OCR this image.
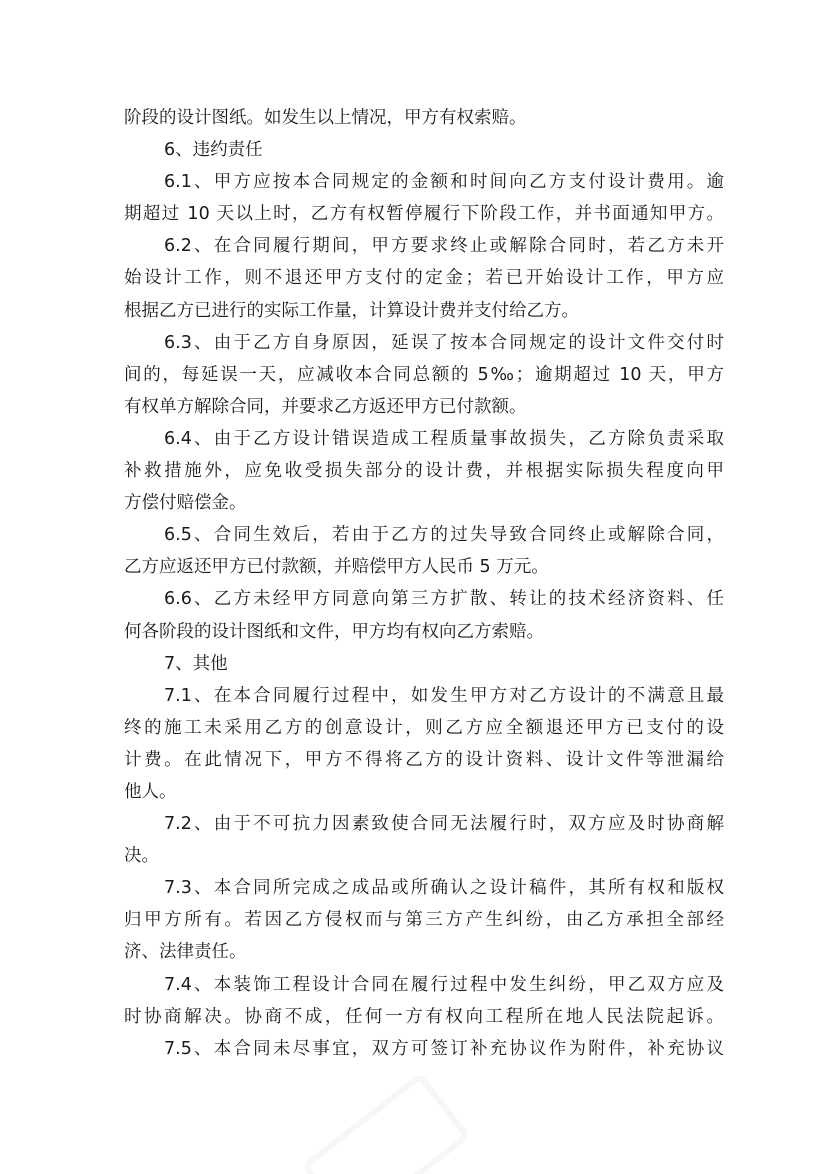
阶段的设计图纸。如发生以上情况，甲方有权索赔。
6、违约责任
6.1、甲方应按本合同规定的金额和时间向乙方支付设计费用。逾
期超过 10 天以上时，乙方有权暂停履行下阶段工作，并书面通知甲方。
6.2、在合同履行期间，甲方要求终止或解除合同时，若乙方未开
始设计工作，则不退还甲方支付的定金；若已开始设计工作，甲方应
根据乙方已进行的实际工作量，计算设计费并支付给乙方。
6.3、由于乙方自身原因，延误了按本合同规定的设计文件交付时
间的，每延误一天，应减收本合同总额的 5‰；逾期超过 10 天，甲方
有权单方解除合同，并要求乙方返还甲方已付款额。
6.4、由于乙方设计错误造成工程质量事故损失，乙方除负责采取
补救措施外，应免收受损失部分的设计费，并根据实际损失程度向甲
方偿付赔偿金。
6.5、合同生效后，若由于乙方的过失导致合同终止或解除合同，
乙方应返还甲方已付款额，并赔偿甲方人民币 5 万元。
6.6、乙方未经甲方同意向第三方扩散、转让的技术经济资料、任
何各阶段的设计图纸和文件，甲方均有权向乙方索赔。
7、其他
7.1、在本合同履行过程中，如发生甲方对乙方设计的不满意且最
终的施工未采用乙方的创意设计，则乙方应全额退还甲方已支付的设
计费。在此情况下，甲方不得将乙方的设计资料、设计文件等泄漏给
他人。
7.2、由于不可抗力因素致使合同无法履行时，双方应及时协商解
决。
7.3、本合同所完成之成品或所确认之设计稿件，其所有权和版权
归甲方所有。若因乙方侵权而与第三方产生纠纷，由乙方承担全部经
济、法律责任。
7.4、本装饰工程设计合同在履行过程中发生纠纷，甲乙双方应及
时协商解决。协商不成，任何一方有权向工程所在地人民法院起诉。
7.5、本合同未尽事宜，双方可签订补充协议作为附件，补充协议
